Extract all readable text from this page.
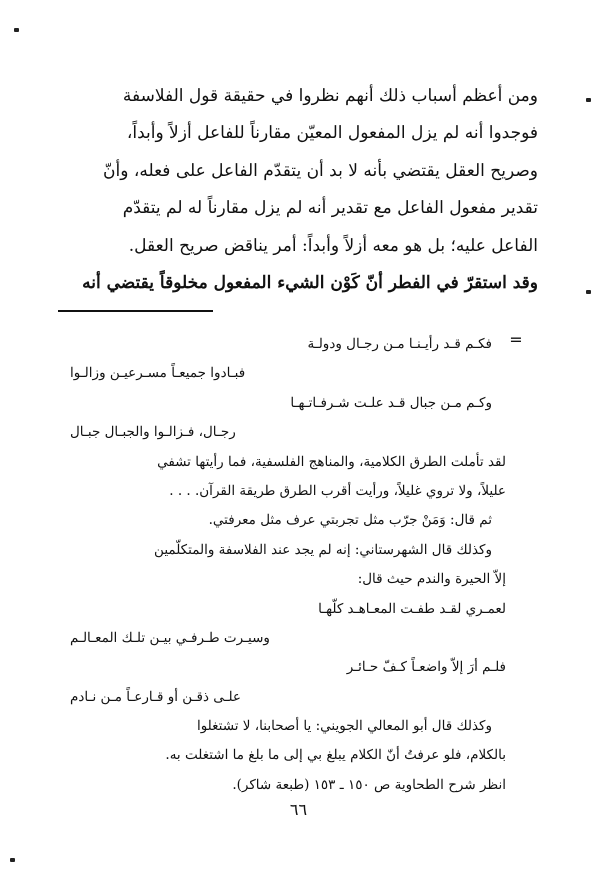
ومن أعظم أسباب ذلك أنهم نظروا في حقيقة قول الفلاسفة
فوجدوا أنه لم يزل المفعول المعيّن مقارناً للفاعل أزلاً وأبداً،
وصريح العقل يقتضي بأنه لا بد أن يتقدّم الفاعل على فعله، وأنّ
تقدير مفعول الفاعل مع تقدير أنه لم يزل مقارناً له لم يتقدّم
الفاعل عليه؛ بل هو معه أزلاً وأبداً: أمر يناقض صريح العقل.
وقد استقرّ في الفطر أنّ كَوْن الشيء المفعول مخلوقاً يقتضي أنه
=
فكـم قـد رأيـنـا مـن رجـال ودولـة
فبـادوا جميعـاً مسـرعيـن وزالـوا
وكـم مـن جبال قـد علـت شـرفـاتـهـا
رجـال، فـزالـوا والجبـال جبـال
لقد تأملت الطرق الكلامية، والمناهج الفلسفية، فما رأيتها تشفي
عليلاً، ولا تروي غليلاً، ورأيت أقرب الطرق طريقة القرآن. . . .
ثم قال: وَمَنْ جرّب مثل تجربتي عرف مثل معرفتي.
وكذلك قال الشهرستاني: إنه لم يجد عند الفلاسفة والمتكلّمين
إلاّ الحيرة والندم حيث قال:
لعمـري لقـد طفـت المعـاهـد كلّهـا
وسيـرت طـرفـي بيـن تلـك المعـالـم
فلـم أرَ إلاّ واضعـاً كـفّ حـائـر
علـى ذقـن أو قـارعـاً مـن نـادم
وكذلك قال أبو المعالي الجويني: يا أصحابنا، لا تشتغلوا
بالكلام، فلو عرفتُ أنّ الكلام يبلغ بي إلى ما بلغ ما اشتغلت به.
انظر شرح الطحاوية ص ١٥٠ ـ ١٥٣ (طبعة شاكر).
٦٦
